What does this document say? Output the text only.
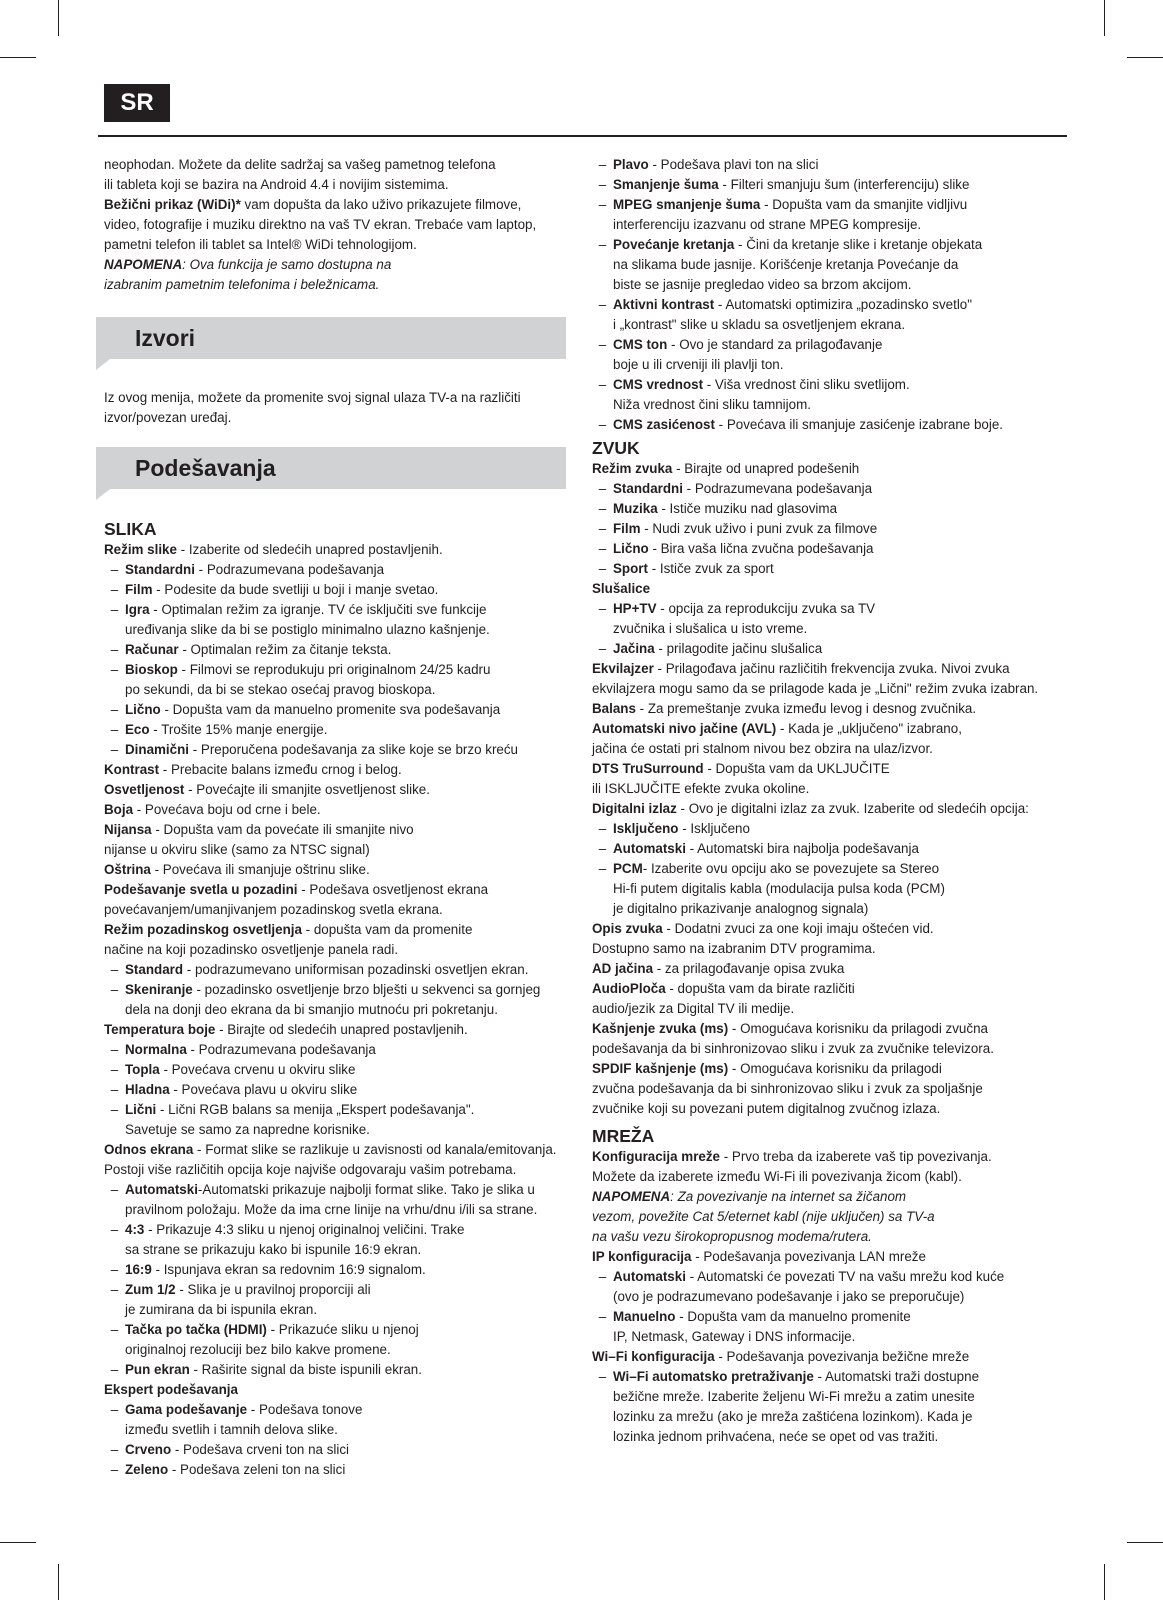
SR

neophodan. Možete da delite sadržaj sa vašeg pametnog telefona

ili tableta koji se bazira na Android 4.4 i novijim sistemima.

Bežični prikaz (WiDi)* vam dopušta da lako uživo prikazujete filmove,

video, fotografije i muziku direktno na vaš TV ekran. Trebaće vam laptop,

pametni telefon ili tablet sa Intel® WiDi tehnologijom.

NAPOMENA: Ova funkcija je samo dostupna na

izabranim pametnim telefonima i beležnicama.

Izvori

Iz ovog menija, možete da promenite svoj signal ulaza TV-a na različiti

izvor/povezan uređaj.

Podešavanja

SLIKA

Režim slike - Izaberite od sledećih unapred postavljenih.

– Standardni - Podrazumevana podešavanja

– Film - Podesite da bude svetliji u boji i manje svetao.

– Igra - Optimalan režim za igranje. TV će isključiti sve funkcije

uređivanja slike da bi se postiglo minimalno ulazno kašnjenje.

– Računar - Optimalan režim za čitanje teksta.

– Bioskop - Filmovi se reprodukuju pri originalnom 24/25 kadru

po sekundi, da bi se stekao osećaj pravog bioskopa.

– Lično - Dopušta vam da manuelno promenite sva podešavanja

– Eco - Trošite 15% manje energije.

– Dinamični - Preporučena podešavanja za slike koje se brzo kreću

Kontrast - Prebacite balans između crnog i belog.

Osvetljenost - Povećajte ili smanjite osvetljenost slike.

Boja - Povećava boju od crne i bele.

Nijansa - Dopušta vam da povećate ili smanjite nivo

nijanse u okviru slike (samo za NTSC signal)

Oštrina - Povećava ili smanjuje oštrinu slike.

Podešavanje svetla u pozadini - Podešava osvetljenost ekrana

povećavanjem/umanjivanjem pozadinskog svetla ekrana.

Režim pozadinskog osvetljenja - dopušta vam da promenite

načine na koji pozadinsko osvetljenje panela radi.

– Standard - podrazumevano uniformisan pozadinski osvetljen ekran.

– Skeniranje - pozadinsko osvetljenje brzo blješti u sekvenci sa gornjeg

dela na donji deo ekrana da bi smanjio mutnoću pri pokretanju.

Temperatura boje - Birajte od sledećih unapred postavljenih.

– Normalna - Podrazumevana podešavanja

– Topla - Povećava crvenu u okviru slike

– Hladna - Povećava plavu u okviru slike

– Lični - Lični RGB balans sa menija „Ekspert podešavanja".

Savetuje se samo za napredne korisnike.

Odnos ekrana - Format slike se razlikuje u zavisnosti od kanala/emitovanja.

Postoji više različitih opcija koje najviše odgovaraju vašim potrebama.

– Automatski-Automatski prikazuje najbolji format slike. Tako je slika u

pravilnom položaju. Može da ima crne linije na vrhu/dnu i/ili sa strane.

– 4:3 - Prikazuje 4:3 sliku u njenoj originalnoj veličini. Trake

sa strane se prikazuju kako bi ispunile 16:9 ekran.

– 16:9 - Ispunjava ekran sa redovnim 16:9 signalom.

– Zum 1/2 - Slika je u pravilnoj proporciji ali

je zumirana da bi ispunila ekran.

– Tačka po tačka (HDMI) - Prikazuće sliku u njenoj

originalnoj rezoluciji bez bilo kakve promene.

– Pun ekran - Raširite signal da biste ispunili ekran.

Ekspert podešavanja

– Gama podešavanje - Podešava tonove

između svetlih i tamnih delova slike.

– Crveno - Podešava crveni ton na slici

– Zeleno - Podešava zeleni ton na slici

– Plavo - Podešava plavi ton na slici

– Smanjenje šuma - Filteri smanjuju šum (interferenciju) slike

– MPEG smanjenje šuma - Dopušta vam da smanjite vidljivu

interferenciju izazvanu od strane MPEG kompresije.

– Povećanje kretanja - Čini da kretanje slike i kretanje objekata

na slikama bude jasnije. Korišćenje kretanja Povećanje da

biste se jasnije pregledao video sa brzom akcijom.

– Aktivni kontrast - Automatski optimizira „pozadinsko svetlo"

i „kontrast" slike u skladu sa osvetljenjem ekrana.

– CMS ton - Ovo je standard za prilagođavanje

boje u ili crveniji ili plavlji ton.

– CMS vrednost - Viša vrednost čini sliku svetlijom.

Niža vrednost čini sliku tamnijom.

– CMS zasićenost - Povećava ili smanjuje zasićenje izabrane boje.

ZVUK

Režim zvuka - Birajte od unapred podešenih

– Standardni - Podrazumevana podešavanja

– Muzika - Ističe muziku nad glasovima

– Film - Nudi zvuk uživo i puni zvuk za filmove

– Lično - Bira vaša lična zvučna podešavanja

– Sport - Ističe zvuk za sport

Slušalice

– HP+TV - opcija za reprodukciju zvuka sa TV

zvučnika i slušalica u isto vreme.

– Jačina - prilagodite jačinu slušalica

Ekvilajzer - Prilagođava jačinu različitih frekvencija zvuka. Nivoi zvuka

ekvilajzera mogu samo da se prilagode kada je „Lični" režim zvuka izabran.

Balans - Za premeštanje zvuka između levog i desnog zvučnika.

Automatski nivo jačine (AVL) - Kada je „uključeno" izabrano,

jačina će ostati pri stalnom nivou bez obzira na ulaz/izvor.

DTS TruSurround - Dopušta vam da UKLJUČITE

ili ISKLJUČITE efekte zvuka okoline.

Digitalni izlaz - Ovo je digitalni izlaz za zvuk. Izaberite od sledećih opcija:

– Isključeno - Isključeno

– Automatski - Automatski bira najbolja podešavanja

– PCM- Izaberite ovu opciju ako se povezujete sa Stereo

Hi-fi putem digitalis kabla (modulacija pulsa koda (PCM)

je digitalno prikazivanje analognog signala)

Opis zvuka - Dodatni zvuci za one koji imaju oštećen vid.

Dostupno samo na izabranim DTV programima.

AD jačina - za prilagođavanje opisa zvuka

AudioPloča - dopušta vam da birate različiti

audio/jezik za Digital TV ili medije.

Kašnjenje zvuka (ms) - Omogućava korisniku da prilagodi zvučna

podešavanja da bi sinhronizovao sliku i zvuk za zvučnike televizora.

SPDIF kašnjenje (ms) - Omogućava korisniku da prilagodi

zvučna podešavanja da bi sinhronizovao sliku i zvuk za spoljašnje

zvučnike koji su povezani putem digitalnog zvučnog izlaza.

MREŽA

Konfiguracija mreže - Prvo treba da izaberete vaš tip povezivanja.

Možete da izaberete između Wi-Fi ili povezivanja žicom (kabl).

NAPOMENA: Za povezivanje na internet sa žičanom

vezom, povežite Cat 5/eternet kabl (nije uključen) sa TV-a

na vašu vezu širokopropusnog modema/rutera.

IP konfiguracija - Podešavanja povezivanja LAN mreže

– Automatski - Automatski će povezati TV na vašu mrežu kod kuće

(ovo je podrazumevano podešavanje i jako se preporučuje)

– Manuelno - Dopušta vam da manuelno promenite

IP, Netmask, Gateway i DNS informacije.

Wi–Fi konfiguracija - Podešavanja povezivanja bežične mreže

– Wi–Fi automatsko pretraživanje - Automatski traži dostupne

bežične mreže. Izaberite željenu Wi-Fi mrežu a zatim unesite

lozinku za mrežu (ako je mreža zaštićena lozinkom). Kada je

lozinka jednom prihvaćena, neće se opet od vas tražiti.
